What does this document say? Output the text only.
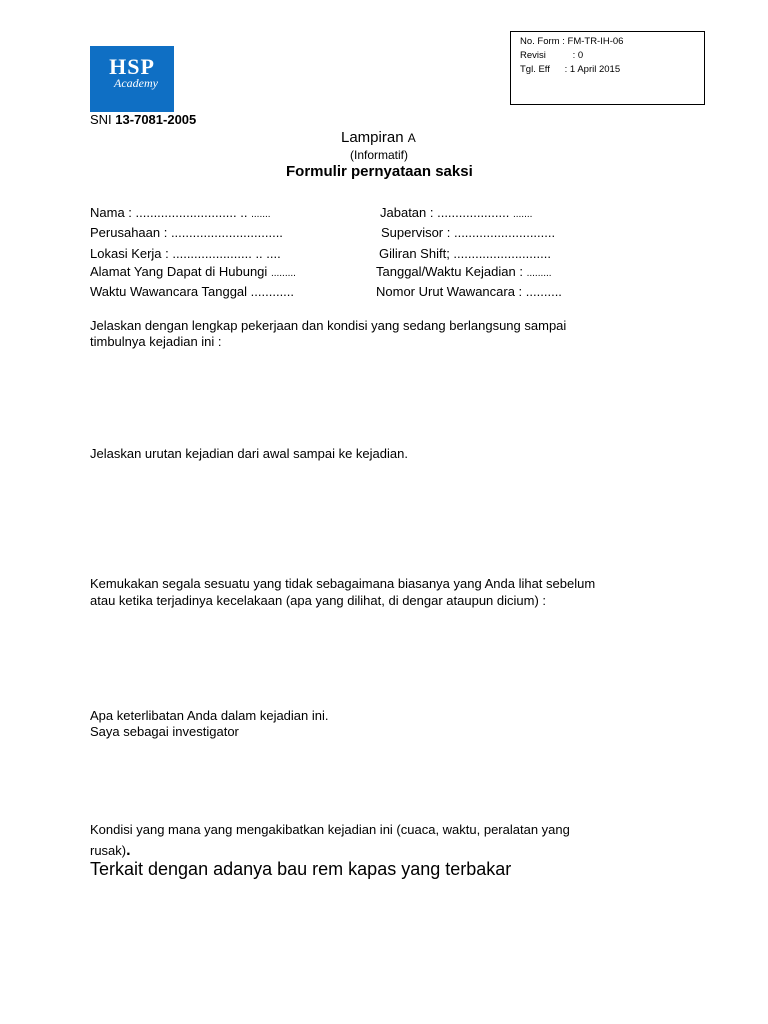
HSP
Academy
No. Form : FM-TR-IH-06
Revisi	: 0
Tgl. Eff : 1 April 2015
SNI 13-7081-2005
Lampiran A
(Informatif)
Formulir pernyataan saksi
Nama : ............................ .. .......
Perusahaan : ...............................
Lokasi Kerja : ...................... .. ....
Alamat Yang Dapat di Hubungi .........
Waktu Wawancara Tanggal ............
Jabatan : .................... .......
Supervisor : ............................
Giliran Shift; ...........................
Tanggal/Waktu Kejadian : .........
Nomor Urut Wawancara : ..........
Jelaskan dengan lengkap pekerjaan dan kondisi yang sedang berlangsung sampai
timbulnya kejadian ini :
Jelaskan urutan kejadian dari awal sampai ke kejadian.
Kemukakan segala sesuatu yang tidak sebagaimana biasanya yang Anda lihat sebelum
atau ketika terjadinya kecelakaan (apa yang dilihat, di dengar ataupun dicium) :
Apa keterlibatan Anda dalam kejadian ini.
Saya sebagai investigator
Kondisi yang mana yang mengakibatkan kejadian ini (cuaca, waktu, peralatan yang
rusak).
Terkait dengan adanya bau rem kapas yang terbakar
